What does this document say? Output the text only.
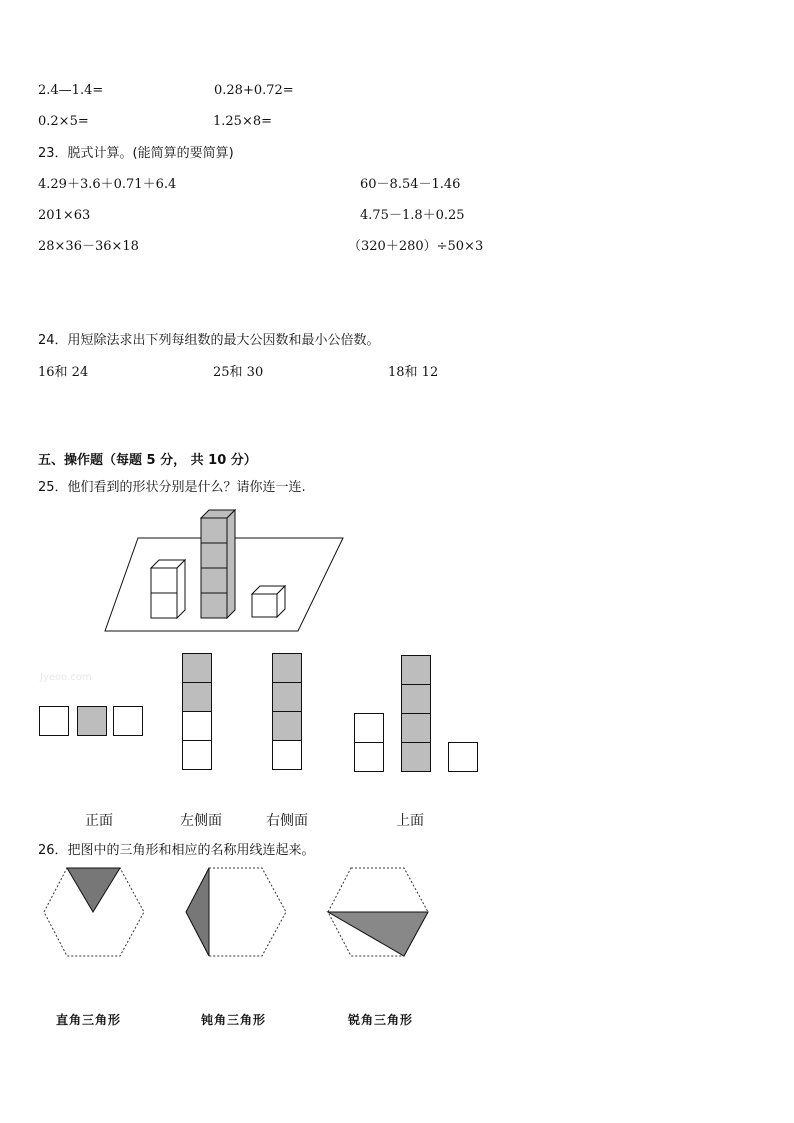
2.4—1.4=	0.28+0.72=
0.2×5=	1.25×8=
23．脱式计算。(能简算的要简算)
4.29＋3.6＋0.71＋6.4	60－8.54－1.46
201×63	4.75－1.8＋0.25
28×36－36×18	（320＋280）÷50×3
24．用短除法求出下列每组数的最大公因数和最小公倍数。
16和 24	25和 30	18和 12
五、操作题（每题 5 分， 共 10 分）
25．他们看到的形状分别是什么？请你连一连.
Jyeoo.com
正面	左侧面	右侧面	上面
26．把图中的三角形和相应的名称用线连起来。
直角三角形	钝角三角形	锐角三角形
